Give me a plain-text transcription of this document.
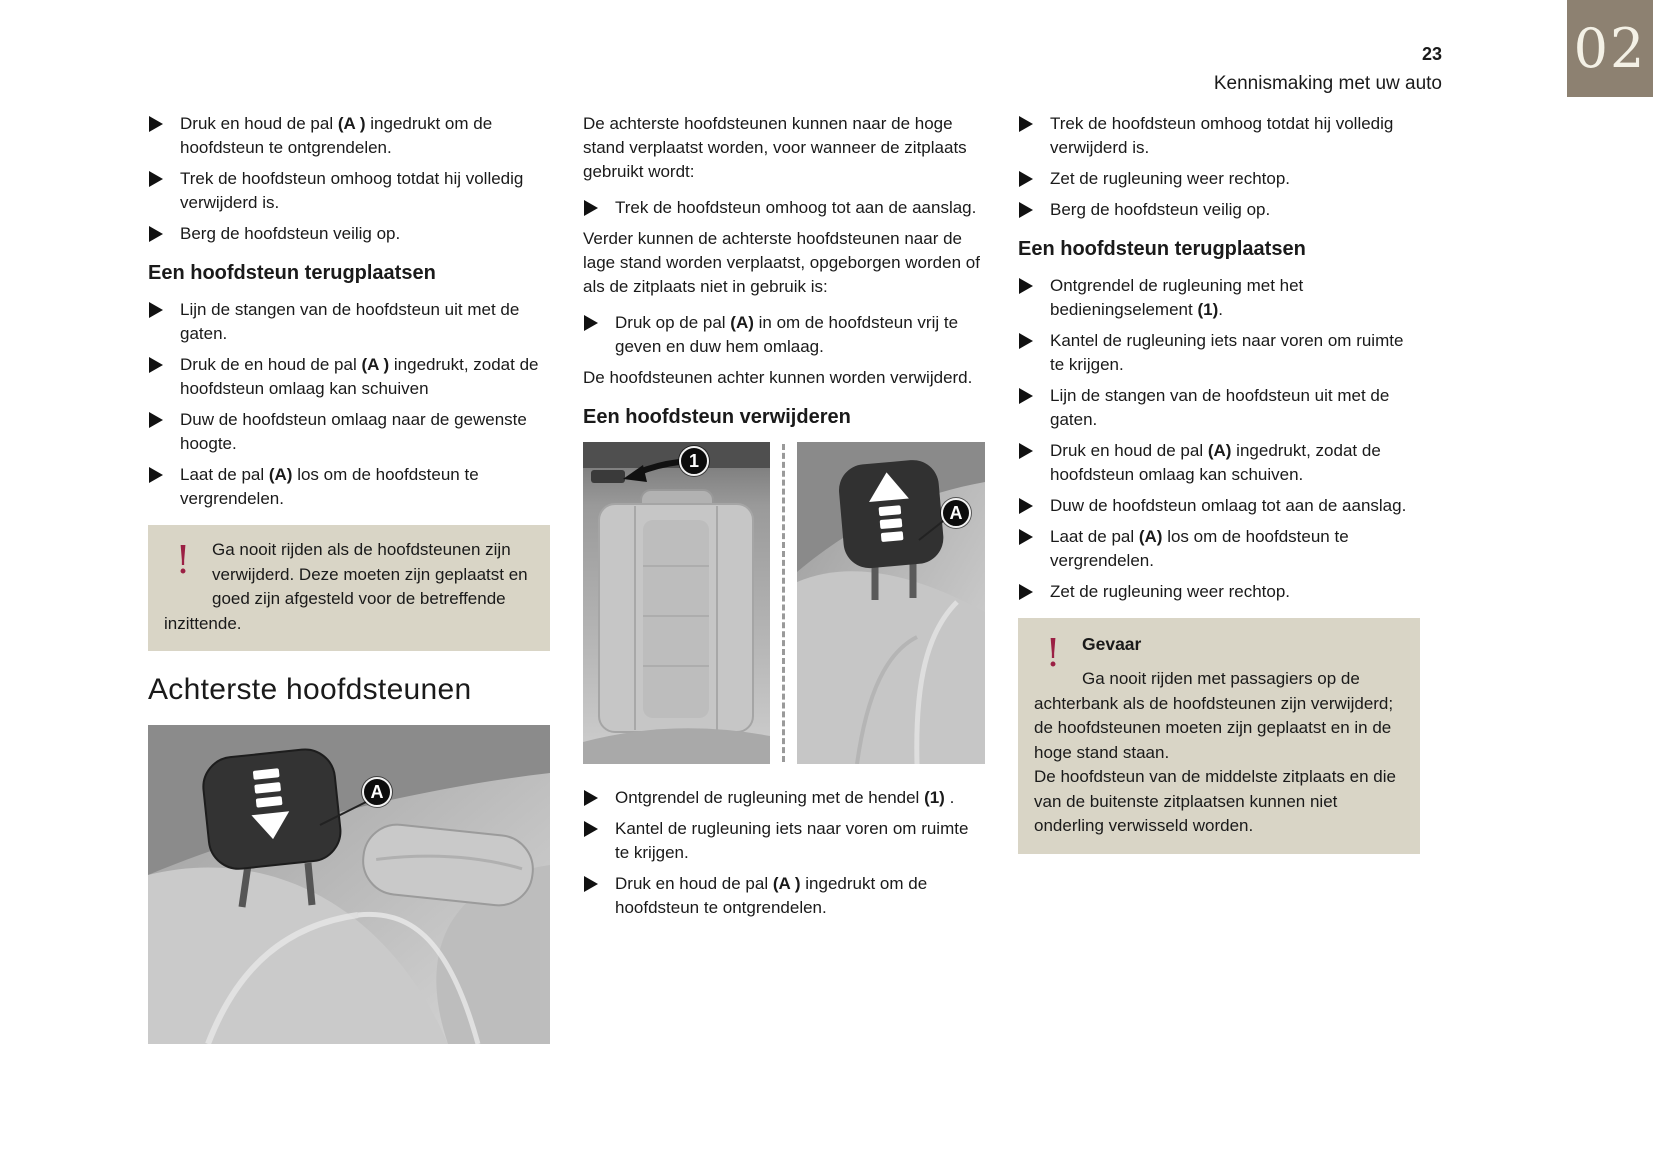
02
23
Kennismaking met uw auto
Druk en houd de pal (A ) ingedrukt om de hoofdsteun te ontgrendelen.
Trek de hoofdsteun omhoog totdat hij volledig verwijderd is.
Berg de hoofdsteun veilig op.
Een hoofdsteun terugplaatsen
Lijn de stangen van de hoofdsteun uit met de gaten.
Druk de en houd de pal (A ) ingedrukt, zodat de hoofdsteun omlaag kan schuiven
Duw de hoofdsteun omlaag naar de gewenste hoogte.
Laat de pal (A) los om de hoofdsteun te vergrendelen.
!	Ga nooit rijden als de hoofdsteunen zijn verwijderd. Deze moeten zijn geplaatst en goed zijn afgesteld voor de betreffende inzittende.

Achterste hoofdsteunen
A

De achterste hoofdsteunen kunnen naar de hoge stand verplaatst worden, voor wanneer de zitplaats gebruikt wordt:

Trek de hoofdsteun omhoog tot aan de aanslag.

Verder kunnen de achterste hoofdsteunen naar de lage stand worden verplaatst, opgeborgen worden of als de zitplaats niet in gebruik is:

Druk op de pal (A) in om de hoofdsteun vrij te geven en duw hem omlaag.

De hoofdsteunen achter kunnen worden verwijderd.

Een hoofdsteun verwijderen
1
A
Ontgrendel de rugleuning met de hendel (1) .
Kantel de rugleuning iets naar voren om ruimte te krijgen.
Druk en houd de pal (A ) ingedrukt om de hoofdsteun te ontgrendelen.
Trek de hoofdsteun omhoog totdat hij volledig verwijderd is.
Zet de rugleuning weer rechtop.
Berg de hoofdsteun veilig op.
Een hoofdsteun terugplaatsen
Ontgrendel de rugleuning met het bedieningselement (1).
Kantel de rugleuning iets naar voren om ruimte te krijgen.
Lijn de stangen van de hoofdsteun uit met de gaten.
Druk en houd de pal (A) ingedrukt, zodat de hoofdsteun omlaag kan schuiven.
Duw de hoofdsteun omlaag tot aan de aanslag.
Laat de pal (A) los om de hoofdsteun te vergrendelen.
Zet de rugleuning weer rechtop.
!	Gevaar

Ga nooit rijden met passagiers op de achterbank als de hoofdsteunen zijn verwijderd; de hoofdsteunen moeten zijn geplaatst en in de hoge stand staan.

De hoofdsteun van de middelste zitplaats en die van de buitenste zitplaatsen kunnen niet onderling verwisseld worden.
